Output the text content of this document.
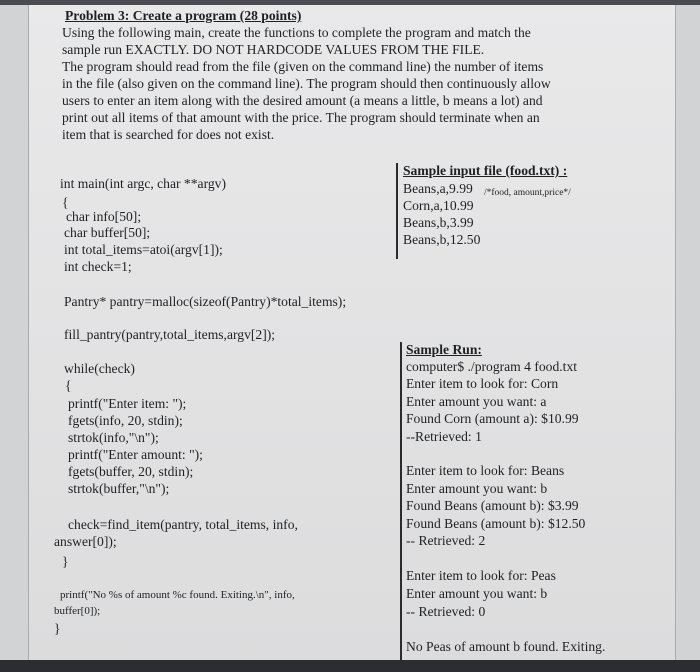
Problem 3: Create a program (28 points)
Using the following main, create the functions to complete the program and match the
sample run EXACTLY. DO NOT HARDCODE VALUES FROM THE FILE.
The program should read from the file (given on the command line) the number of items
in the file (also given on the command line). The program should then continuously allow
users to enter an item along with the desired amount (a means a little, b means a lot) and
print out all items of that amount with the price. The program should terminate when an
item that is searched for does not exist.
int main(int argc, char **argv)
{
char info[50];
char buffer[50];
int total_items=atoi(argv[1]);
int check=1;
Pantry* pantry=malloc(sizeof(Pantry)*total_items);
fill_pantry(pantry,total_items,argv[2]);
while(check)
{
printf("Enter item: ");
fgets(info, 20, stdin);
strtok(info,"\n");
printf("Enter amount: ");
fgets(buffer, 20, stdin);
strtok(buffer,"\n");
check=find_item(pantry, total_items, info,
answer[0]);
}
printf("No %s of amount %c found. Exiting.\n", info,
buffer[0]);
}
Sample input file (food.txt) :
Beans,a,9.99 /*food, amount,price*/
Corn,a,10.99
Beans,b,3.99
Beans,b,12.50
Sample Run:
computer$ ./program 4 food.txt
Enter item to look for: Corn
Enter amount you want: a
Found Corn (amount a): $10.99
--Retrieved: 1
Enter item to look for: Beans
Enter amount you want: b
Found Beans (amount b): $3.99
Found Beans (amount b): $12.50
-- Retrieved: 2
Enter item to look for: Peas
Enter amount you want: b
-- Retrieved: 0
No Peas of amount b found. Exiting.
